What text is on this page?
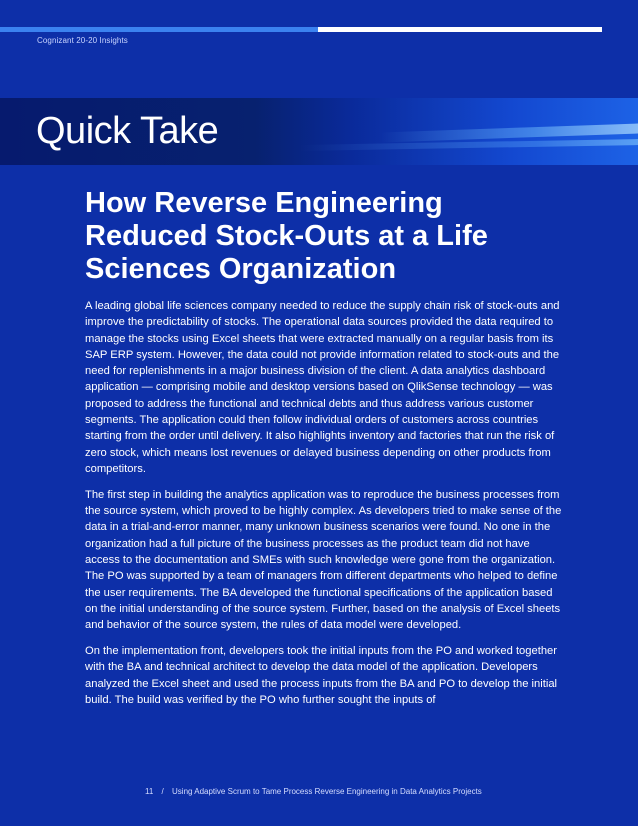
Cognizant 20-20 Insights
Quick Take
How Reverse Engineering Reduced Stock-Outs at a Life Sciences Organization

A leading global life sciences company needed to reduce the supply chain risk of stock-outs and improve the predictability of stocks. The operational data sources provided the data required to manage the stocks using Excel sheets that were extracted manually on a regular basis from its SAP ERP system. However, the data could not provide information related to stock-outs and the need for replenishments in a major business division of the client. A data analytics dashboard application — comprising mobile and desktop versions based on QlikSense technology — was proposed to address the functional and technical debts and thus address various customer segments. The application could then follow individual orders of customers across countries starting from the order until delivery. It also highlights inventory and factories that run the risk of zero stock, which means lost revenues or delayed business depending on other products from competitors.

The first step in building the analytics application was to reproduce the business processes from the source system, which proved to be highly complex. As developers tried to make sense of the data in a trial-and-error manner, many unknown business scenarios were found. No one in the organization had a full picture of the business processes as the product team did not have access to the documentation and SMEs with such knowledge were gone from the organization. The PO was supported by a team of managers from different departments who helped to define the user requirements. The BA developed the functional specifications of the application based on the initial understanding of the source system. Further, based on the analysis of Excel sheets and behavior of the source system, the rules of data model were developed.

On the implementation front, developers took the initial inputs from the PO and worked together with the BA and technical architect to develop the data model of the application. Developers analyzed the Excel sheet and used the process inputs from the BA and PO to develop the initial build. The build was verified by the PO who further sought the inputs of

11 / Using Adaptive Scrum to Tame Process Reverse Engineering in Data Analytics Projects
